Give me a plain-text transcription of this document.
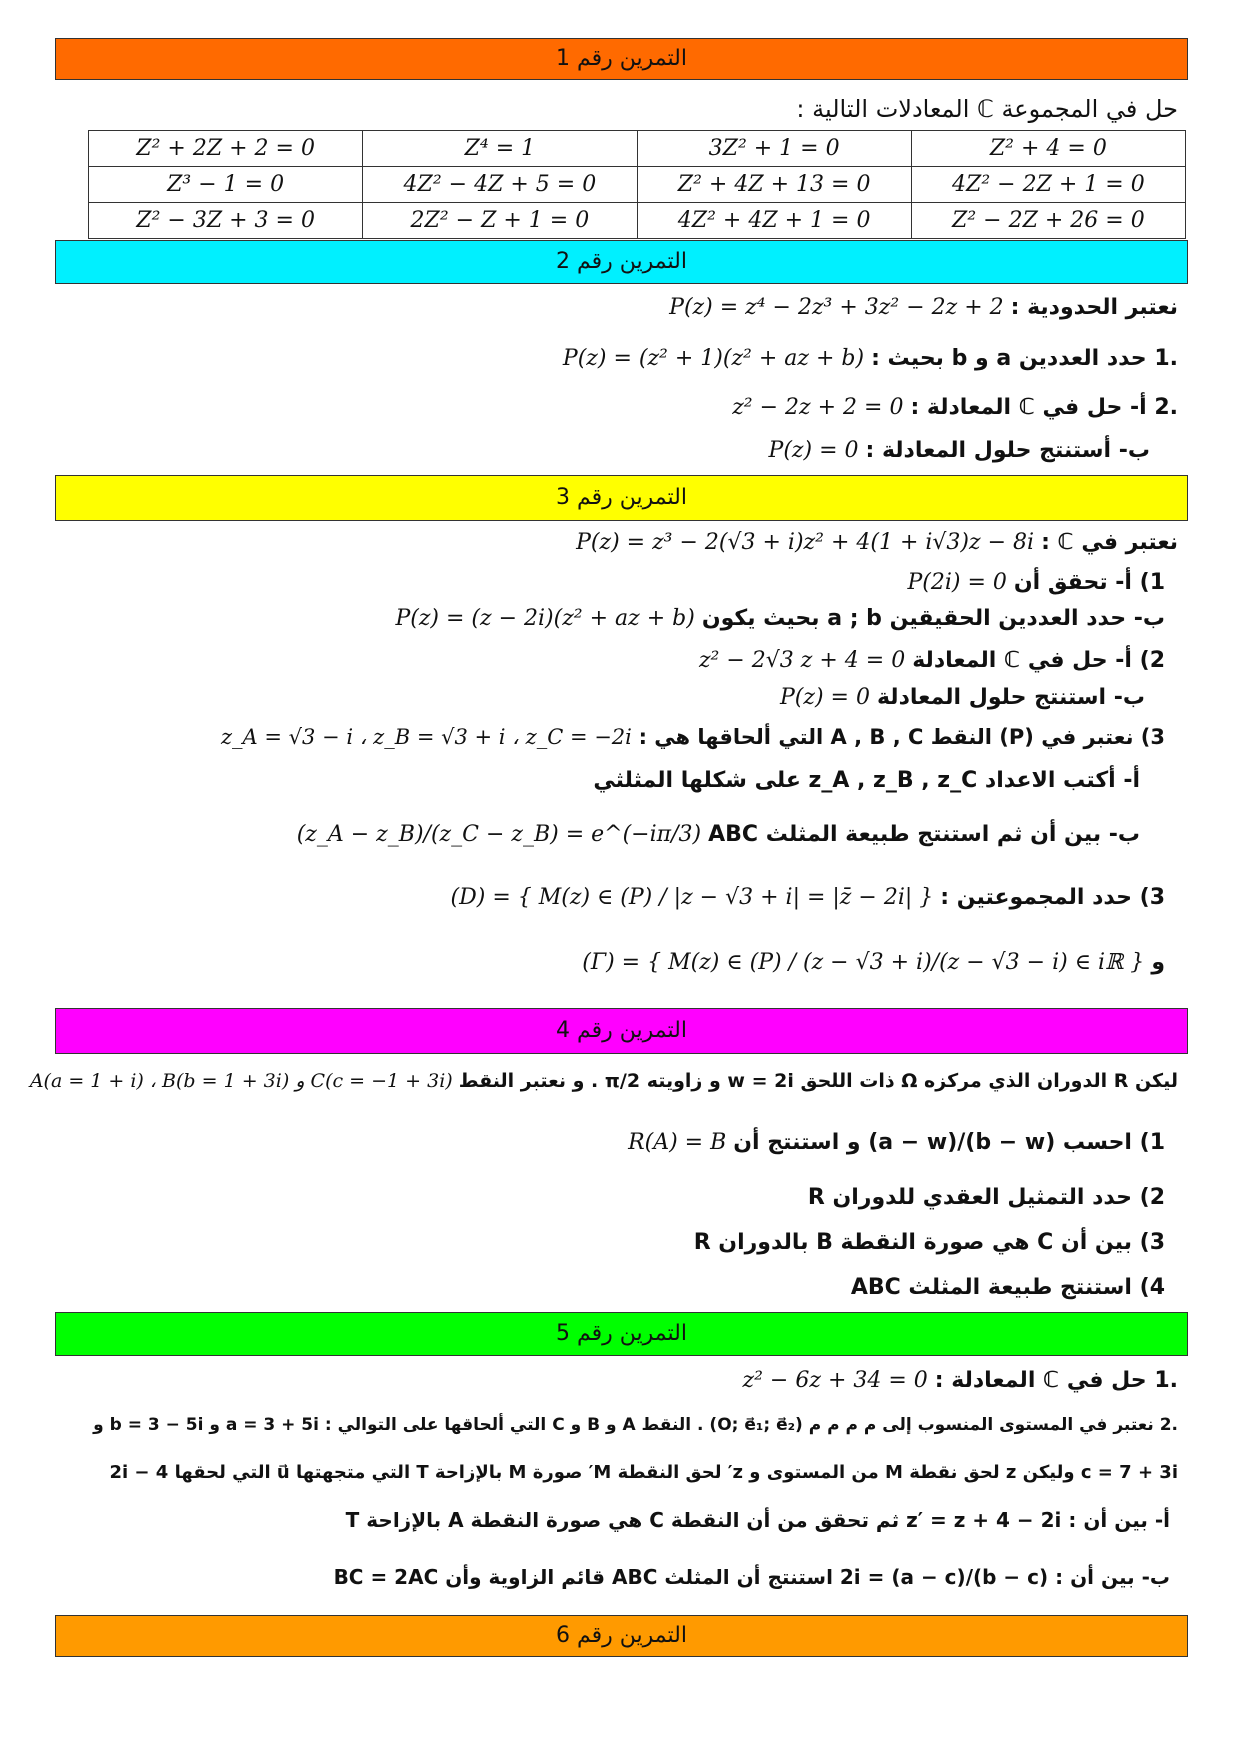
التمرين رقم 1
حل في المجموعة ℂ المعادلات التالية :
Z² + 2Z + 2 = 0	Z⁴ = 1	3Z² + 1 = 0	Z² + 4 = 0
Z³ − 1 = 0	4Z² − 4Z + 5 = 0	Z² + 4Z + 13 = 0	4Z² − 2Z + 1 = 0
Z² − 3Z + 3 = 0	2Z² − Z + 1 = 0	4Z² + 4Z + 1 = 0	Z² − 2Z + 26 = 0
التمرين رقم 2
نعتبر الحدودية : P(z) = z⁴ − 2z³ + 3z² − 2z + 2
.1 حدد العددين a و b بحيث : P(z) = (z² + 1)(z² + az + b)
.2 أ- حل في ℂ المعادلة : z² − 2z + 2 = 0
ب- أستنتج حلول المعادلة : P(z) = 0
التمرين رقم 3
نعتبر في ℂ : P(z) = z³ − 2(√3 + i)z² + 4(1 + i√3)z − 8i
1) أ- تحقق أن P(2i) = 0
ب- حدد العددين الحقيقين a ; b بحيث يكون P(z) = (z − 2i)(z² + az + b)
2) أ- حل في ℂ المعادلة z² − 2√3 z + 4 = 0
ب- استنتج حلول المعادلة P(z) = 0
3) نعتبر في (P) النقط A , B , C التي ألحاقها هي : z_A = √3 − i ، z_B = √3 + i ، z_C = −2i
أ- أكتب الاعداد z_A , z_B , z_C على شكلها المثلثي
ب- بين أن ثم استنتج طبيعة المثلث ABC (z_A − z_B)/(z_C − z_B) = e^(−iπ/3)
3) حدد المجموعتين : (D) = { M(z) ∈ (P) / |z − √3 + i| = |z̄ − 2i| }
و (Γ) = { M(z) ∈ (P) / (z − √3 + i)/(z − √3 − i) ∈ iℝ }
التمرين رقم 4
ليكن R الدوران الذي مركزه Ω ذات اللحق w = 2i و زاويته π/2 . و نعتبر النقط A(a = 1 + i) ، B(b = 1 + 3i) و C(c = −1 + 3i)
1) احسب (b − w)/(a − w) و استنتج أن R(A) = B
2) حدد التمثيل العقدي للدوران R
3) بين أن C هي صورة النقطة B بالدوران R
4) استنتج طبيعة المثلث ABC
التمرين رقم 5
.1 حل في ℂ المعادلة : z² − 6z + 34 = 0
.2 نعتبر في المستوى المنسوب إلى م م م م (O; e⃗₁; e⃗₂) . النقط A و B و C التي ألحاقها على التوالي : a = 3 + 5i و b = 3 − 5i و
c = 7 + 3i وليكن z لحق نقطة M من المستوى و z′ لحق النقطة M′ صورة M بالإزاحة T التي متجهتها u⃗ التي لحقها 4 − 2i
أ- بين أن : z′ = z + 4 − 2i ثم تحقق من أن النقطة C هي صورة النقطة A بالإزاحة T
ب- بين أن : (b − c)/(a − c) = 2i استنتج أن المثلث ABC قائم الزاوية وأن BC = 2AC
التمرين رقم 6
